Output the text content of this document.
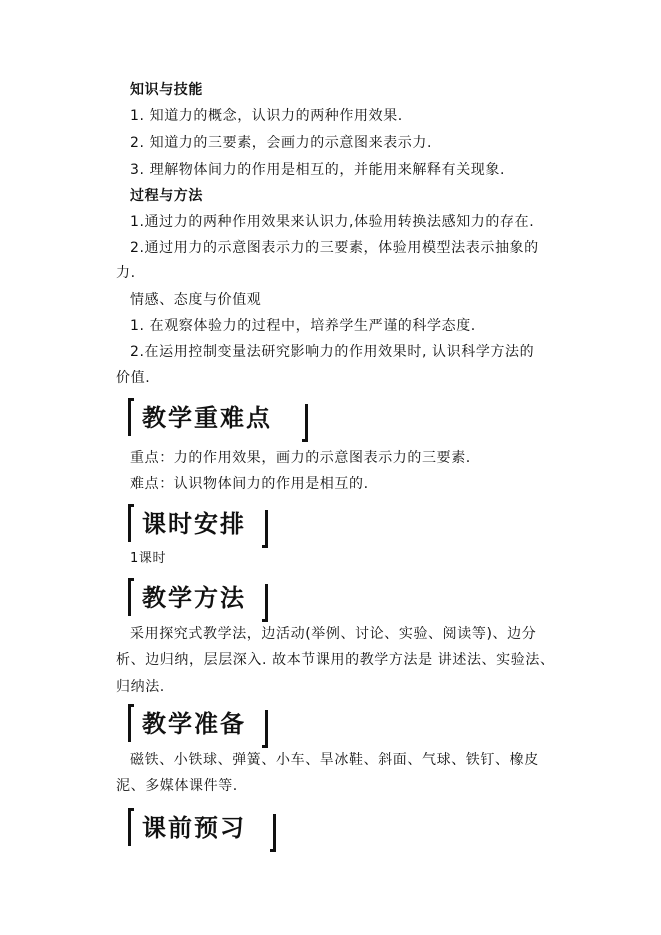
知识与技能
1. 知道力的概念，认识力的两种作用效果.
2. 知道力的三要素，会画力的示意图来表示力.
3. 理解物体间力的作用是相互的，并能用来解释有关现象.
过程与方法
1.通过力的两种作用效果来认识力,体验用转换法感知力的存在.
2.通过用力的示意图表示力的三要素，体验用模型法表示抽象的
力.
情感、态度与价值观
1. 在观察体验力的过程中，培养学生严谨的科学态度.
2.在运用控制变量法研究影响力的作用效果时, 认识科学方法的
价值.
教学重难点
重点：力的作用效果，画力的示意图表示力的三要素.
难点：认识物体间力的作用是相互的.
课时安排
1课时
教学方法
采用探究式教学法，边活动(举例、讨论、实验、阅读等)、边分
析、边归纳，层层深入. 故本节课用的教学方法是 讲述法、实验法、
归纳法.
教学准备
磁铁、小铁球、弹簧、小车、旱冰鞋、斜面、气球、铁钉、橡皮
泥、多媒体课件等.
课前预习
